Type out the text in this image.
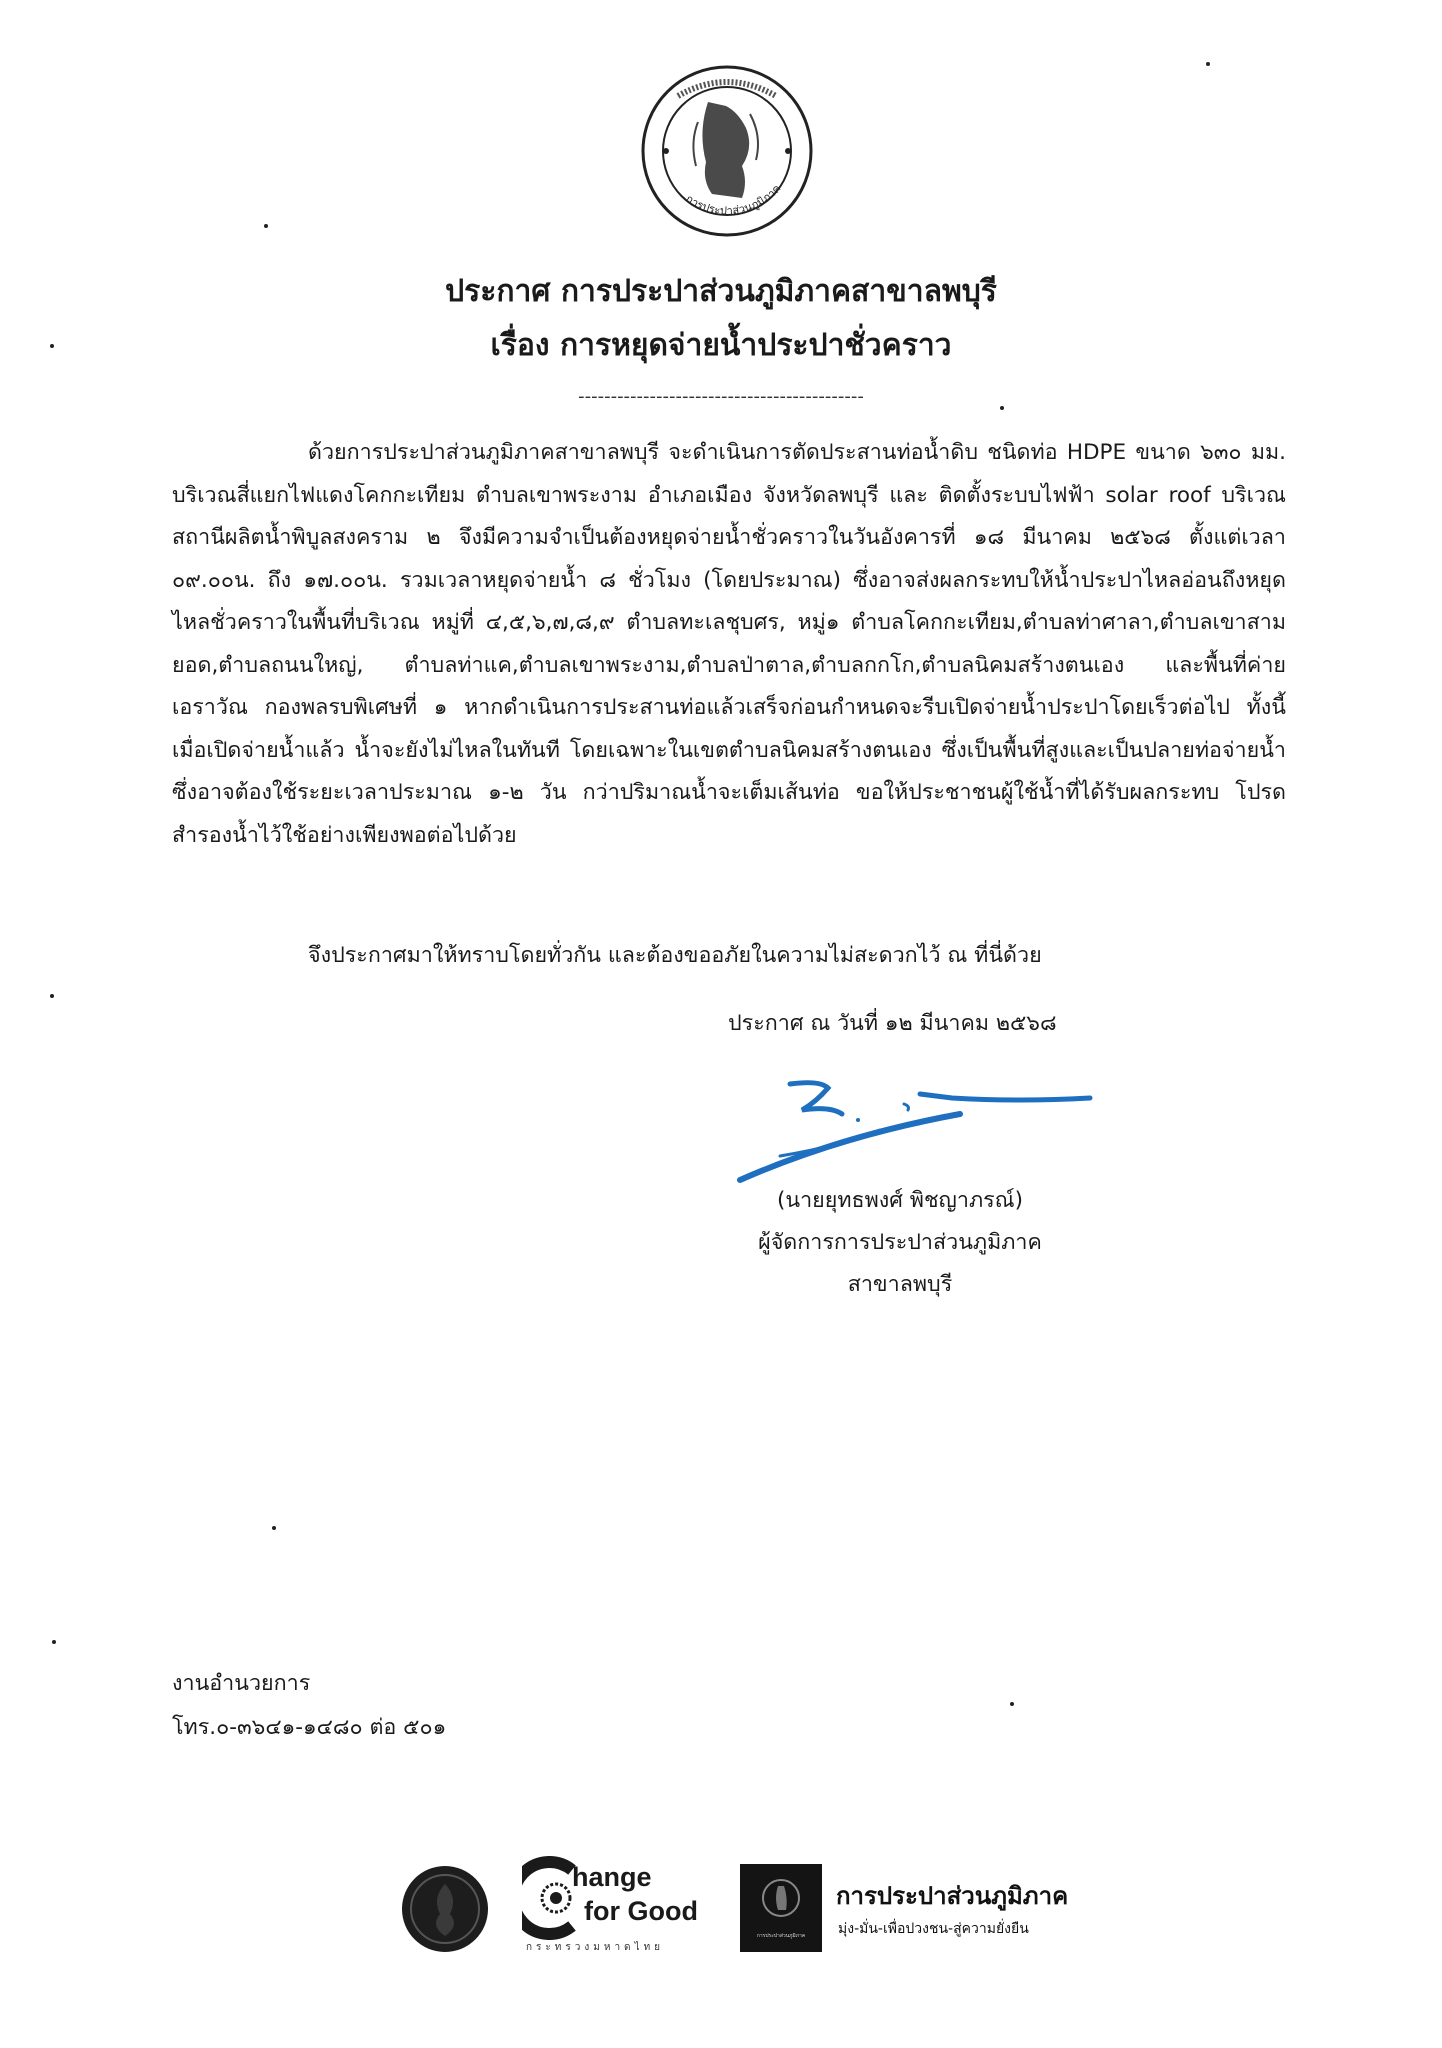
การประปาส่วนภูมิภาค
ประกาศ การประปาส่วนภูมิภาคสาขาลพบุรี
เรื่อง การหยุดจ่ายน้ำประปาชั่วคราว
--------------------------------------------

ด้วยการประปาส่วนภูมิภาคสาขาลพบุรี จะดำเนินการตัดประสานท่อน้ำดิบ ชนิดท่อ HDPE ขนาด ๖๓๐ มม. บริเวณสี่แยกไฟแดงโคกกะเทียม ตำบลเขาพระงาม อำเภอเมือง จังหวัดลพบุรี และ ติดตั้งระบบไฟฟ้า solar roof บริเวณสถานีผลิตน้ำพิบูลสงคราม ๒ จึงมีความจำเป็นต้องหยุดจ่ายน้ำชั่วคราวในวันอังคารที่ ๑๘ มีนาคม ๒๕๖๘ ตั้งแต่เวลา ๐๙.๐๐น. ถึง ๑๗.๐๐น. รวมเวลาหยุดจ่ายน้ำ ๘ ชั่วโมง (โดยประมาณ) ซึ่งอาจส่งผลกระทบให้น้ำประปาไหลอ่อนถึงหยุดไหลชั่วคราวในพื้นที่บริเวณ หมู่ที่ ๔,๕,๖,๗,๘,๙ ตำบลทะเลชุบศร, หมู่๑ ตำบลโคกกะเทียม,ตำบลท่าศาลา,ตำบลเขาสามยอด,ตำบลถนนใหญ่, ตำบลท่าแค,ตำบลเขาพระงาม,ตำบลป่าตาล,ตำบลกกโก,ตำบลนิคมสร้างตนเอง และพื้นที่ค่ายเอราวัณ กองพลรบพิเศษที่ ๑ หากดำเนินการประสานท่อแล้วเสร็จก่อนกำหนดจะรีบเปิดจ่ายน้ำประปาโดยเร็วต่อไป ทั้งนี้ เมื่อเปิดจ่ายน้ำแล้ว น้ำจะยังไม่ไหลในทันที โดยเฉพาะในเขตตำบลนิคมสร้างตนเอง ซึ่งเป็นพื้นที่สูงและเป็นปลายท่อจ่ายน้ำ ซึ่งอาจต้องใช้ระยะเวลาประมาณ ๑-๒ วัน กว่าปริมาณน้ำจะเต็มเส้นท่อ ขอให้ประชาชนผู้ใช้น้ำที่ได้รับผลกระทบ โปรดสำรองน้ำไว้ใช้อย่างเพียงพอต่อไปด้วย

จึงประกาศมาให้ทราบโดยทั่วกัน และต้องขออภัยในความไม่สะดวกไว้ ณ ที่นี่ด้วย
ประกาศ ณ วันที่ ๑๒ มีนาคม ๒๕๖๘
(นายยุทธพงศ์ พิชญาภรณ์)
ผู้จัดการการประปาส่วนภูมิภาค
สาขาลพบุรี
งานอำนวยการ
โทร.๐-๓๖๔๑-๑๔๘๐ ต่อ ๕๐๑
hange
for Good
กระทรวงมหาดไทย
การประปาส่วนภูมิภาค
การประปาส่วนภูมิภาค
มุ่ง-มั่น-เพื่อปวงชน-สู่ความยั่งยืน
